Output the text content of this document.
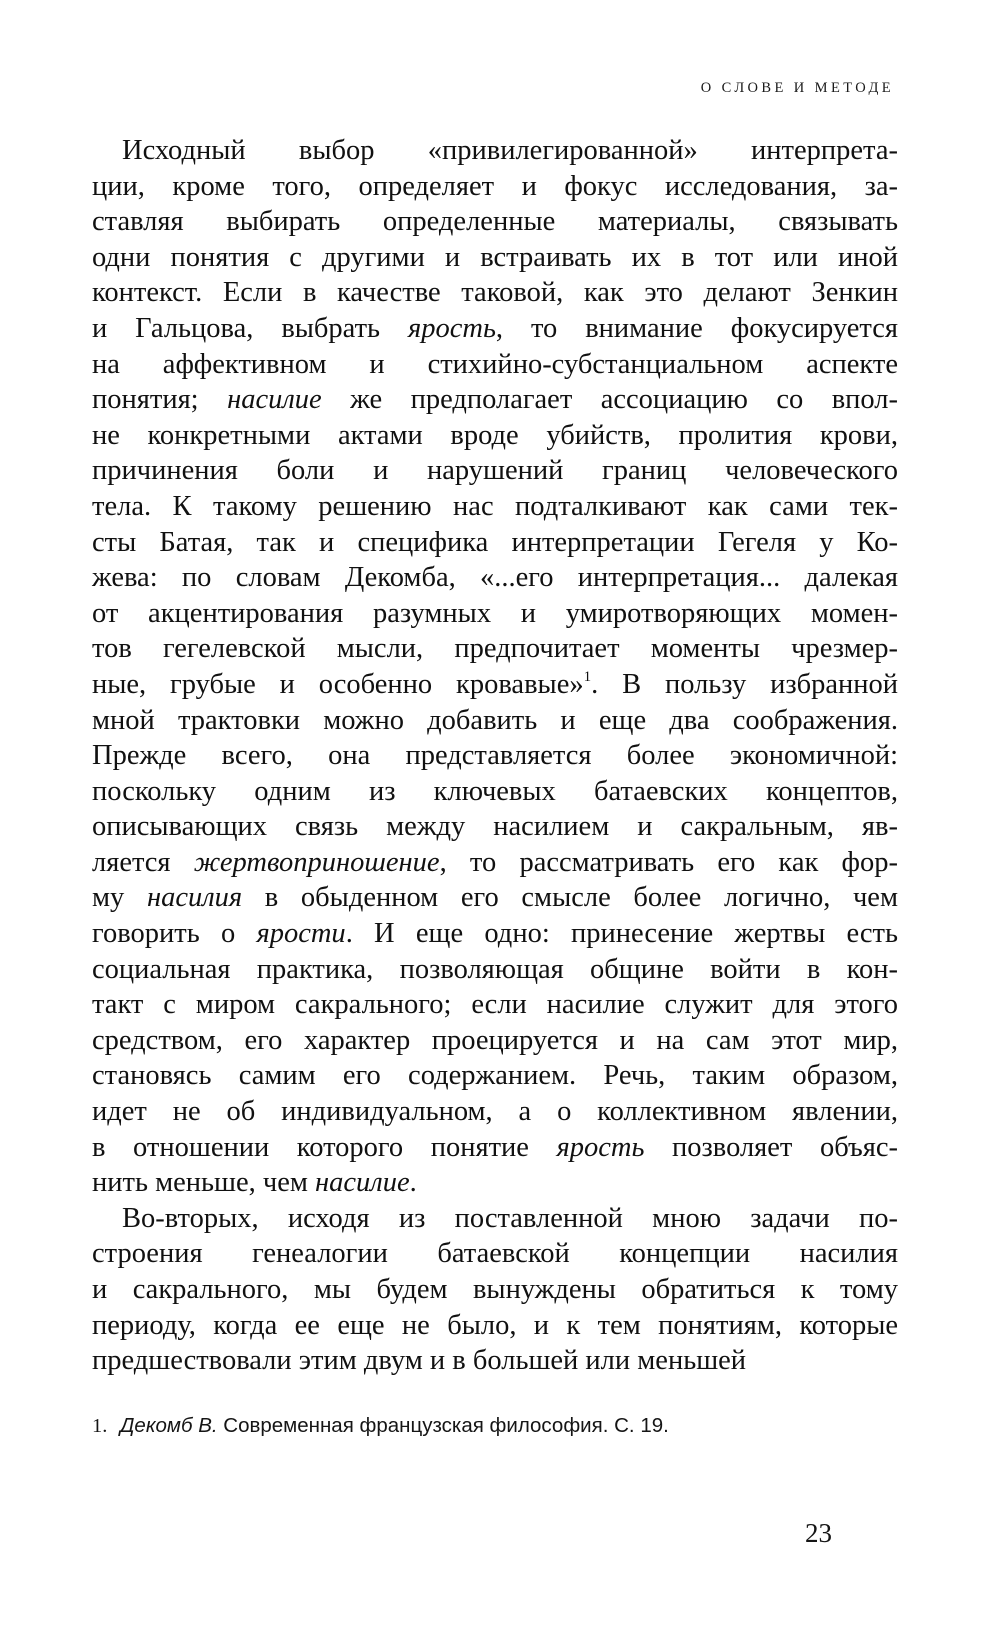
О СЛОВЕ И МЕТОДЕ
Исходный выбор «привилегированной» интерпрета-
ции, кроме того, определяет и фокус исследования, за-
ставляя выбирать определенные материалы, связывать
одни понятия с другими и встраивать их в тот или иной
контекст. Если в качестве таковой, как это делают Зенкин
и Гальцова, выбрать ярость, то внимание фокусируется
на аффективном и стихийно-субстанциальном аспекте
понятия; насилие же предполагает ассоциацию со впол-
не конкретными актами вроде убийств, пролития крови,
причинения боли и нарушений границ человеческого
тела. К такому решению нас подталкивают как сами тек-
сты Батая, так и специфика интерпретации Гегеля у Ко-
жева: по словам Декомба, «...его интерпретация... далекая
от акцентирования разумных и умиротворяющих момен-
тов гегелевской мысли, предпочитает моменты чрезмер-
ные, грубые и особенно кровавые»$^1$. В пользу избранной
мной трактовки можно добавить и еще два соображения.
Прежде всего, она представляется более экономичной:
поскольку одним из ключевых батаевских концептов,
описывающих связь между насилием и сакральным, яв-
ляется жертвоприношение, то рассматривать его как фор-
му насилия в обыденном его смысле более логично, чем
говорить о ярости. И еще одно: принесение жертвы есть
социальная практика, позволяющая общине войти в кон-
такт с миром сакрального; если насилие служит для этого
средством, его характер проецируется и на сам этот мир,
становясь самим его содержанием. Речь, таким образом,
идет не об индивидуальном, а о коллективном явлении,
в отношении которого понятие ярость позволяет объяс-
нить меньше, чем насилие.
Во-вторых, исходя из поставленной мною задачи по-
строения генеалогии батаевской концепции насилия
и сакрального, мы будем вынуждены обратиться к тому
периоду, когда ее еще не было, и к тем понятиям, которые
предшествовали этим двум и в большей или меньшей
1. Декомб В. Современная французская философия. С. 19.
23
